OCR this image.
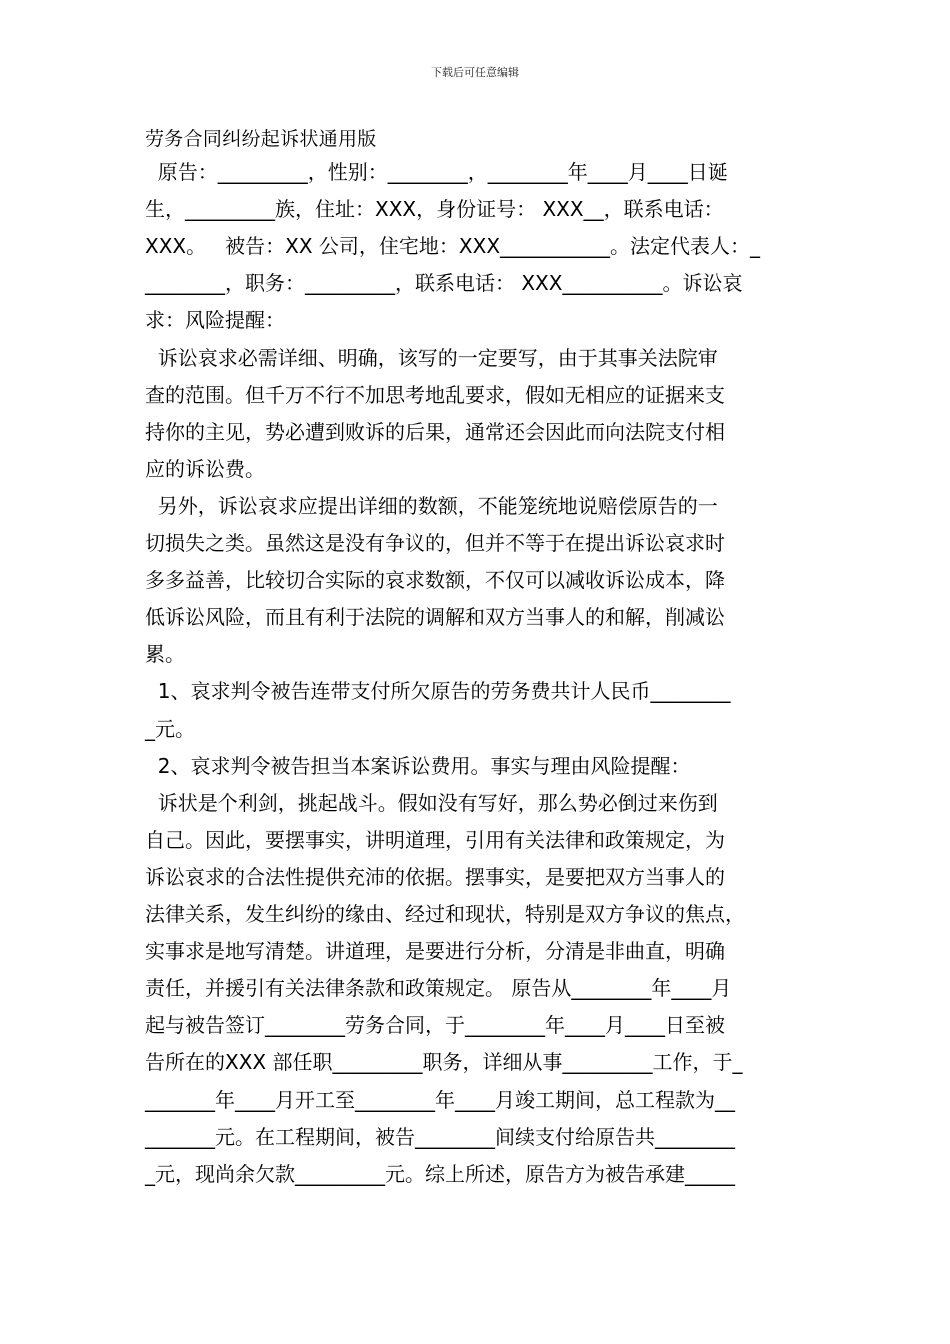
下载后可任意编辑
劳务合同纠纷起诉状通用版
原告：_________，性别：________，________年____月____日诞
生，_________族，住址：XXX，身份证号： XXX__，联系电话：
XXX。   被告：XX 公司，住宅地：XXX___________。法定代表人：_
________，职务：_________，联系电话： XXX__________。诉讼哀
求：风险提醒：
诉讼哀求必需详细、明确，该写的一定要写，由于其事关法院审
查的范围。但千万不行不加思考地乱要求，假如无相应的证据来支
持你的主见，势必遭到败诉的后果，通常还会因此而向法院支付相
应的诉讼费。
另外，诉讼哀求应提出详细的数额，不能笼统地说赔偿原告的一
切损失之类。虽然这是没有争议的，但并不等于在提出诉讼哀求时
多多益善，比较切合实际的哀求数额，不仅可以减收诉讼成本，降
低诉讼风险，而且有利于法院的调解和双方当事人的和解，削减讼
累。
1、哀求判令被告连带支付所欠原告的劳务费共计人民币________
_元。
2、哀求判令被告担当本案诉讼费用。事实与理由风险提醒：
诉状是个利剑，挑起战斗。假如没有写好，那么势必倒过来伤到
自己。因此，要摆事实，讲明道理，引用有关法律和政策规定，为
诉讼哀求的合法性提供充沛的依据。摆事实，是要把双方当事人的
法律关系，发生纠纷的缘由、经过和现状，特别是双方争议的焦点，
实事求是地写清楚。讲道理，是要进行分析，分清是非曲直，明确
责任，并援引有关法律条款和政策规定。 原告从________年____月
起与被告签订________劳务合同，于________年____月____日至被
告所在的XXX 部任职_________职务，详细从事_________工作，于_
_______年____月开工至________年____月竣工期间，总工程款为__
_______元。在工程期间，被告________间续支付给原告共________
_元，现尚余欠款_________元。综上所述，原告方为被告承建_____
